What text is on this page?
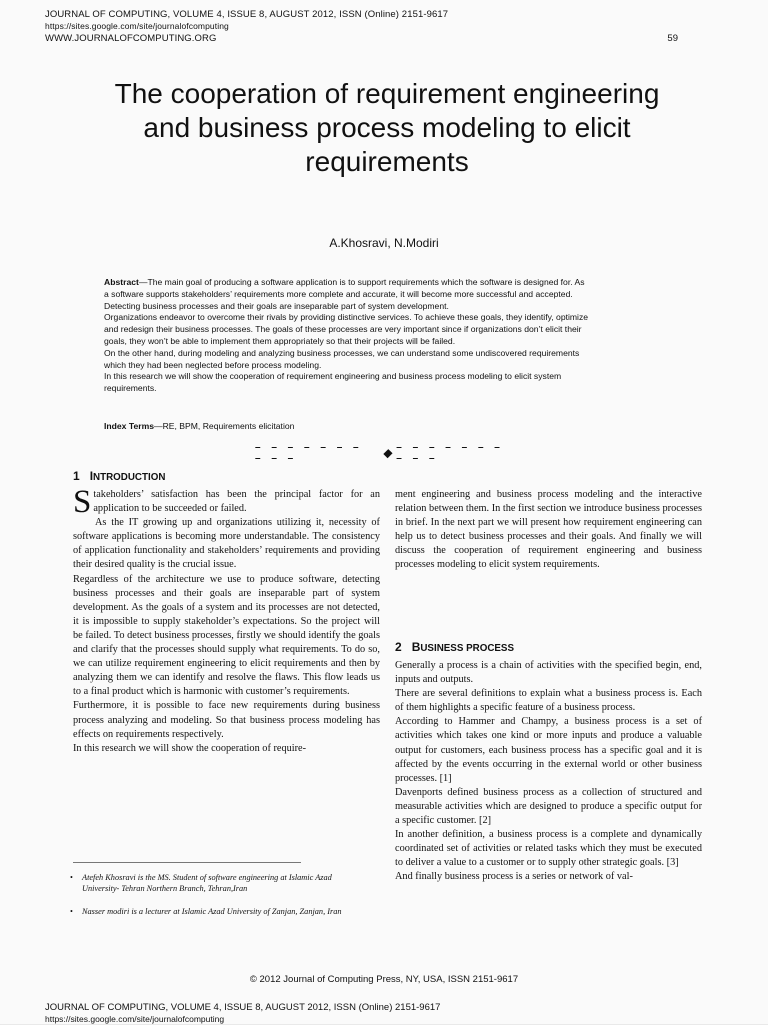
JOURNAL OF COMPUTING, VOLUME 4, ISSUE 8, AUGUST 2012, ISSN (Online) 2151-9617
https://sites.google.com/site/journalofcomputing
WWW.JOURNALOFCOMPUTING.ORG	59
The cooperation of requirement engineering
and business process modeling to elicit
requirements
A.Khosravi, N.Modiri

Abstract—The main goal of producing a software application is to support requirements which the software is designed for. As

a software supports stakeholders’ requirements more complete and accurate, it will become more successful and accepted.

Detecting business processes and their goals are inseparable part of system development.

Organizations endeavor to overcome their rivals by providing distinctive services. To achieve these goals, they identify, optimize

and redesign their business processes. The goals of these processes are very important since if organizations don’t elicit their

goals, they won’t be able to implement them appropriately so that their projects will be failed.

On the other hand, during modeling and analyzing business processes, we can understand some undiscovered requirements

which they had been neglected before process modeling.

In this research we will show the cooperation of requirement engineering and business process modeling to elicit system

requirements.

Index Terms—RE, BPM, Requirements elicitation
– – – – – – – – – –
– – – – – – – – – –
1 INTRODUCTION

Stakeholders’ satisfaction has been the principal factor for an application to be succeeded or failed.

As the IT growing up and organizations utilizing it, necessity of software applications is becoming more understandable. The consistency of application functionality and stakeholders’ requirements and providing their desired quality is the crucial issue.

Regardless of the architecture we use to produce software, detecting business processes and their goals are inseparable part of system development. As the goals of a system and its processes are not detected, it is impossible to supply stakeholder’s expectations. So the project will be failed. To detect business processes, firstly we should identify the goals and clarify that the processes should supply what requirements. To do so, we can utilize requirement engineering to elicit requirements and then by analyzing them we can identify and resolve the flaws. This flow leads us to a final product which is harmonic with customer’s requirements.

Furthermore, it is possible to face new requirements during business process analyzing and modeling. So that business process modeling has effects on requirements respectively.

In this research we will show the cooperation of require-

• Atefeh Khosravi is the MS. Student of software engineering at Islamic Azad University- Tehran Northern Branch, Tehran,Iran
• Nasser modiri is a lecturer at Islamic Azad University of Zanjan, Zanjan, Iran
ment engineering and business process modeling and the interactive relation between them. In the first section we introduce business processes in brief. In the next part we will present how requirement engineering can help us to detect business processes and their goals. And finally we will discuss the cooperation of requirement engineering and business processes modeling to elicit system requirements.
2 BUSINESS PROCESS

Generally a process is a chain of activities with the specified begin, end, inputs and outputs.

There are several definitions to explain what a business process is. Each of them highlights a specific feature of a business process.

According to Hammer and Champy, a business process is a set of activities which takes one kind or more inputs and produce a valuable output for customers, each business process has a specific goal and it is affected by the events occurring in the external world or other business processes. [1]

Davenports defined business process as a collection of structured and measurable activities which are designed to produce a specific output for a specific customer. [2]

In another definition, a business process is a complete and dynamically coordinated set of activities or related tasks which they must be executed to deliver a value to a customer or to supply other strategic goals. [3]

And finally business process is a series or network of val-

© 2012 Journal of Computing Press, NY, USA, ISSN 2151-9617
JOURNAL OF COMPUTING, VOLUME 4, ISSUE 8, AUGUST 2012, ISSN (Online) 2151-9617
https://sites.google.com/site/journalofcomputing
